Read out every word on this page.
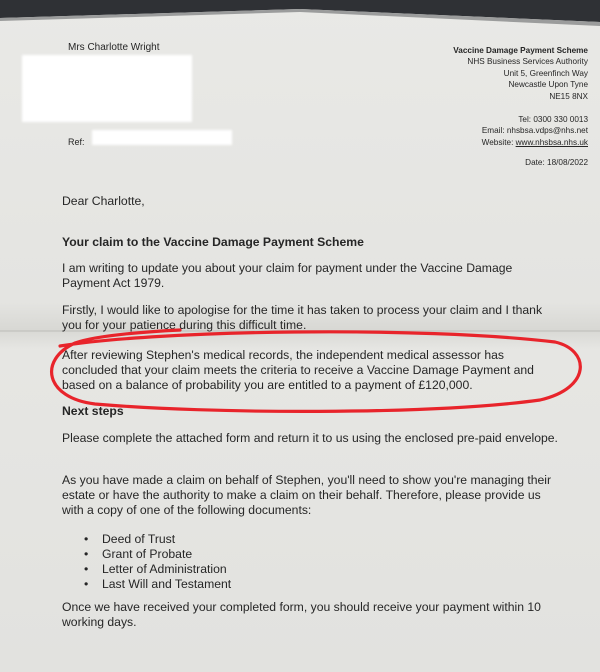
Mrs Charlotte Wright
Ref:
Vaccine Damage Payment Scheme
NHS Business Services Authority
Unit 5, Greenfinch Way
Newcastle Upon Tyne
NE15 8NX
Tel: 0300 330 0013
Email: nhsbsa.vdps@nhs.net
Website: www.nhsbsa.nhs.uk
Date: 18/08/2022
Dear Charlotte,
Your claim to the Vaccine Damage Payment Scheme
I am writing to update you about your claim for payment under the Vaccine Damage Payment Act 1979.
Firstly, I would like to apologise for the time it has taken to process your claim and I thank you for your patience during this difficult time.
After reviewing Stephen's medical records, the independent medical assessor has concluded that your claim meets the criteria to receive a Vaccine Damage Payment and based on a balance of probability you are entitled to a payment of £120,000.
Next steps
Please complete the attached form and return it to us using the enclosed pre-paid envelope.
As you have made a claim on behalf of Stephen, you'll need to show you're managing their estate or have the authority to make a claim on their behalf. Therefore, please provide us with a copy of one of the following documents:
• Deed of Trust
• Grant of Probate
• Letter of Administration
• Last Will and Testament
Once we have received your completed form, you should receive your payment within 10 working days.
